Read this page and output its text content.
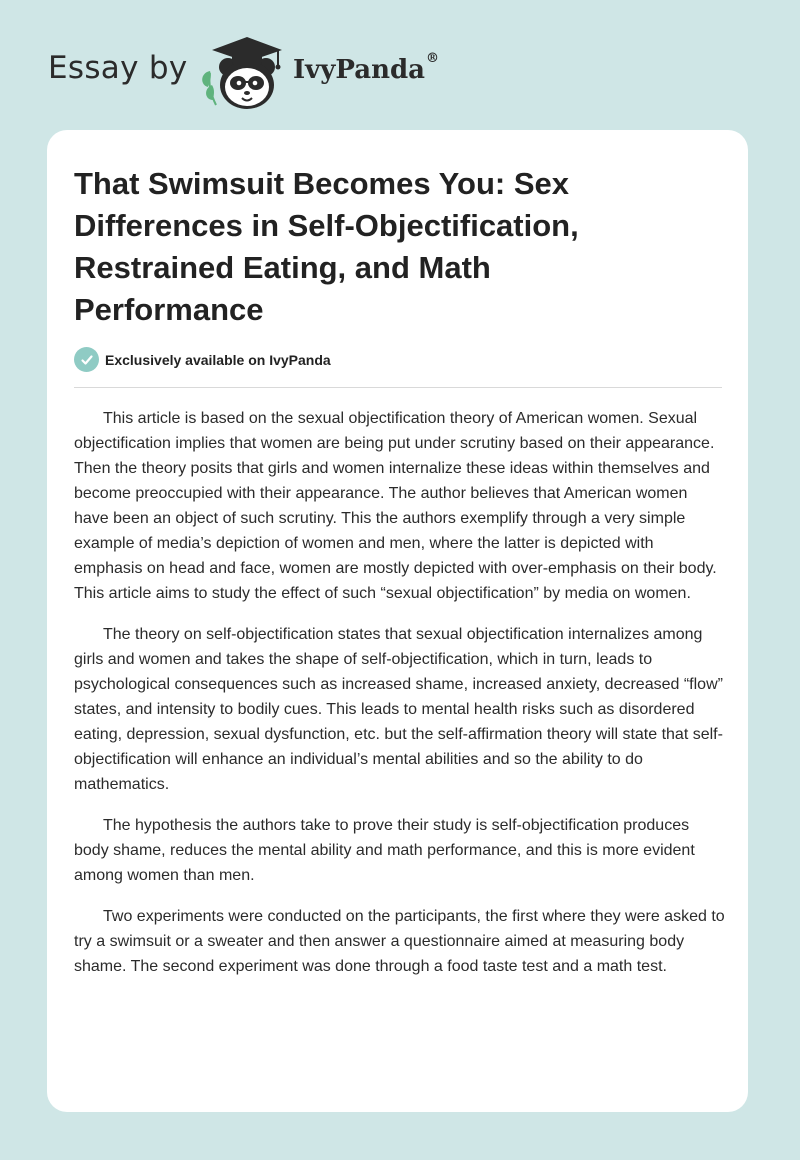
Essay by	IvyPanda®
That Swimsuit Becomes You: Sex Differences in Self-Objectification, Restrained Eating, and Math Performance
Exclusively available on IvyPanda

This article is based on the sexual objectification theory of American women. Sexual objectification implies that women are being put under scrutiny based on their appearance. Then the theory posits that girls and women internalize these ideas within themselves and become preoccupied with their appearance. The author believes that American women have been an object of such scrutiny. This the authors exemplify through a very simple example of media’s depiction of women and men, where the latter is depicted with emphasis on head and face, women are mostly depicted with over-emphasis on their body. This article aims to study the effect of such “sexual objectification” by media on women.

The theory on self-objectification states that sexual objectification internalizes among girls and women and takes the shape of self-objectification, which in turn, leads to psychological consequences such as increased shame, increased anxiety, decreased “flow” states, and intensity to bodily cues. This leads to mental health risks such as disordered eating, depression, sexual dysfunction, etc. but the self-affirmation theory will state that self-objectification will enhance an individual’s mental abilities and so the ability to do mathematics.

The hypothesis the authors take to prove their study is self-objectification produces body shame, reduces the mental ability and math performance, and this is more evident among women than men.

Two experiments were conducted on the participants, the first where they were asked to try a swimsuit or a sweater and then answer a questionnaire aimed at measuring body shame. The second experiment was done through a food taste test and a math test.
